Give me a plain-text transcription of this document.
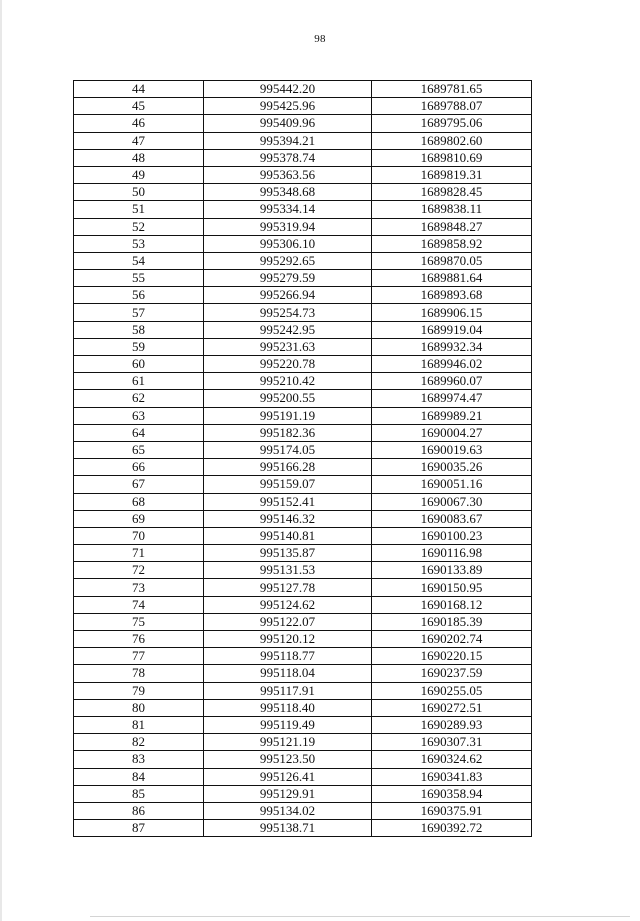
98
44	995442.20	1689781.65
45	995425.96	1689788.07
46	995409.96	1689795.06
47	995394.21	1689802.60
48	995378.74	1689810.69
49	995363.56	1689819.31
50	995348.68	1689828.45
51	995334.14	1689838.11
52	995319.94	1689848.27
53	995306.10	1689858.92
54	995292.65	1689870.05
55	995279.59	1689881.64
56	995266.94	1689893.68
57	995254.73	1689906.15
58	995242.95	1689919.04
59	995231.63	1689932.34
60	995220.78	1689946.02
61	995210.42	1689960.07
62	995200.55	1689974.47
63	995191.19	1689989.21
64	995182.36	1690004.27
65	995174.05	1690019.63
66	995166.28	1690035.26
67	995159.07	1690051.16
68	995152.41	1690067.30
69	995146.32	1690083.67
70	995140.81	1690100.23
71	995135.87	1690116.98
72	995131.53	1690133.89
73	995127.78	1690150.95
74	995124.62	1690168.12
75	995122.07	1690185.39
76	995120.12	1690202.74
77	995118.77	1690220.15
78	995118.04	1690237.59
79	995117.91	1690255.05
80	995118.40	1690272.51
81	995119.49	1690289.93
82	995121.19	1690307.31
83	995123.50	1690324.62
84	995126.41	1690341.83
85	995129.91	1690358.94
86	995134.02	1690375.91
87	995138.71	1690392.72
